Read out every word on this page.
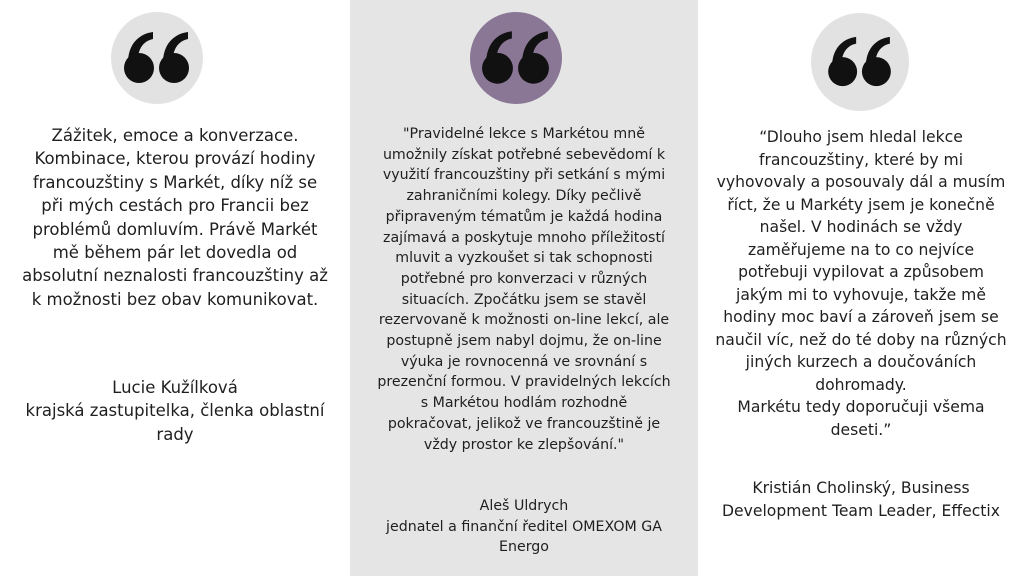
Zážitek, emoce a konverzace.
Kombinace, kterou provází hodiny
francouzštiny s Markét, díky níž se
při mých cestách pro Francii bez
problémů domluvím. Právě Markét
mě během pár let dovedla od
absolutní neznalosti francouzštiny až
k možnosti bez obav komunikovat.

Lucie Kužílková
krajská zastupitelka, členka oblastní
rady

"Pravidelné lekce s Markétou mně
umožnily získat potřebné sebevědomí k
využití francouzštiny při setkání s mými
zahraničními kolegy. Díky pečlivě
připraveným tématům je každá hodina
zajímavá a poskytuje mnoho příležitostí
mluvit a vyzkoušet si tak schopnosti
potřebné pro konverzaci v různých
situacích. Zpočátku jsem se stavěl
rezervovaně k možnosti on-line lekcí, ale
postupně jsem nabyl dojmu, že on-line
výuka je rovnocenná ve srovnání s
prezenční formou. V pravidelných lekcích
s Markétou hodlám rozhodně
pokračovat, jelikož ve francouzštině je
vždy prostor ke zlepšování."

Aleš Uldrych
jednatel a finanční ředitel OMEXOM GA
Energo

“Dlouho jsem hledal lekce
francouzštiny, které by mi
vyhovovaly a posouvaly dál a musím
říct, že u Markéty jsem je konečně
našel. V hodinách se vždy
zaměřujeme na to co nejvíce
potřebuji vypilovat a způsobem
jakým mi to vyhovuje, takže mě
hodiny moc baví a zároveň jsem se
naučil víc, než do té doby na různých
jiných kurzech a doučováních
dohromady.
Markétu tedy doporučuji všema
deseti.”

Kristián Cholinský, Business
Development Team Leader, Effectix
